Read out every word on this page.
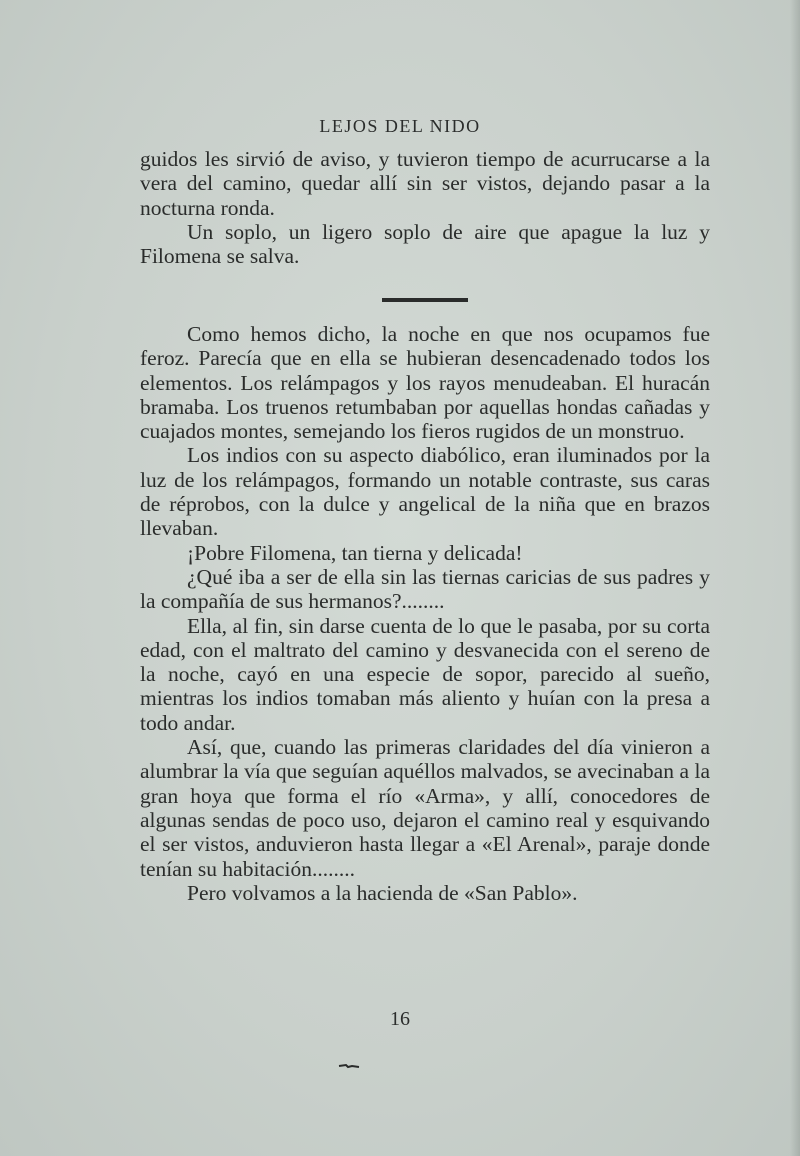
LEJOS DEL NIDO

guidos les sirvió de aviso, y tuvieron tiempo de acurrucarse a la vera del camino, quedar allí sin ser vistos, dejando pasar a la nocturna ronda.

Un soplo, un ligero soplo de aire que apague la luz y Filomena se salva.

Como hemos dicho, la noche en que nos ocupamos fue feroz. Parecía que en ella se hubieran desencadenado todos los elementos. Los relámpagos y los rayos menudeaban. El huracán bramaba. Los truenos retumbaban por aquellas hondas cañadas y cuajados montes, semejando los fieros rugidos de un monstruo.

Los indios con su aspecto diabólico, eran iluminados por la luz de los relámpagos, formando un notable contraste, sus caras de réprobos, con la dulce y angelical de la niña que en brazos llevaban.

¡Pobre Filomena, tan tierna y delicada!

¿Qué iba a ser de ella sin las tiernas caricias de sus padres y la compañía de sus hermanos?........

Ella, al fin, sin darse cuenta de lo que le pasaba, por su corta edad, con el maltrato del camino y desvanecida con el sereno de la noche, cayó en una especie de sopor, parecido al sueño, mientras los indios tomaban más aliento y huían con la presa a todo andar.

Así, que, cuando las primeras claridades del día vinieron a alumbrar la vía que seguían aquéllos malvados, se avecinaban a la gran hoya que forma el río «Arma», y allí, conocedores de algunas sendas de poco uso, dejaron el camino real y esquivando el ser vistos, anduvieron hasta llegar a «El Arenal», paraje donde tenían su habitación........

Pero volvamos a la hacienda de «San Pablo».

16
